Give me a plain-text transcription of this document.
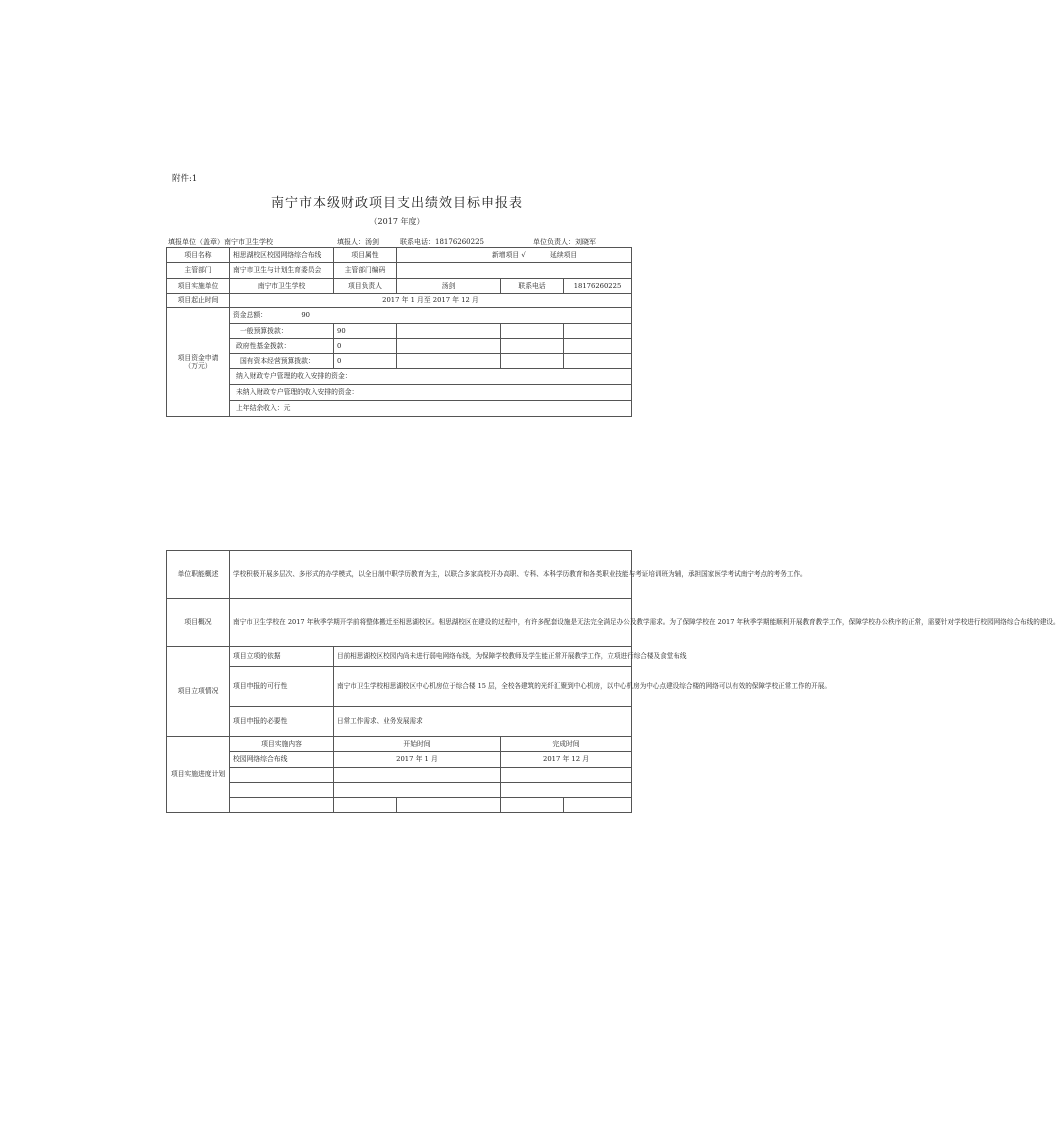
附件:1
南宁市本级财政项目支出绩效目标申报表
（2017 年度）
填报单位（盖章）南宁市卫生学校	填报人：汤剑	联系电话：18176260225	单位负责人：刘晓军
项目名称	相思湖校区校园网络综合布线	项目属性	新增项目 √ 延续项目		
主管部门	南宁市卫生与计划生育委员会	主管部门编码			
项目实施单位	南宁市卫生学校	项目负责人	汤剑	联系电话	18176260225
项目起止时间	2017 年 1 月至 2017 年 12 月				

项目资金申请
（万元）	资金总额： 90				
	一般预算拨款：	90			
	政府性基金拨款：	0			
	国有资本经营预算拨款：	0			
	纳入财政专户管理的收入安排的资金：				
	未纳入财政专户管理的收入安排的资金：				
	上年结余收入：元				
单位职能概述	学校积极开展多层次、多形式的办学模式，以全日制中职学历教育为主，以联合多家高校开办高职、专科、本科学历教育和各类职业技能与考证培训班为辅，承担国家医学考试南宁考点的考务工作。				
项目概况	南宁市卫生学校在 2017 年秋季学期开学前将整体搬迁至相思湖校区。相思湖校区在建设的过程中，有许多配套设施是无法完全满足办公及教学需求。为了保障学校在 2017 年秋季学期能顺利开展教育教学工作，保障学校办公秩序的正常，需要针对学校进行校园网络综合布线的建设。				
项目立项情况	项目立项的依据	目前相思湖校区校园内尚未进行弱电网络布线，为保障学校教师及学生能正常开展教学工作，立项进行综合楼及食堂布线			
	项目申报的可行性	南宁市卫生学校相思湖校区中心机房位于综合楼 15 层，全校各建筑的光纤汇聚到中心机房，以中心机房为中心点建设综合楼的网络可以有效的保障学校正常工作的开展。			
	项目申报的必要性	日常工作需求、业务发展需求			
项目实施进度计划	项目实施内容	开始时间		完成时间	
	校园网络综合布线	2017 年 1 月		2017 年 12 月	
